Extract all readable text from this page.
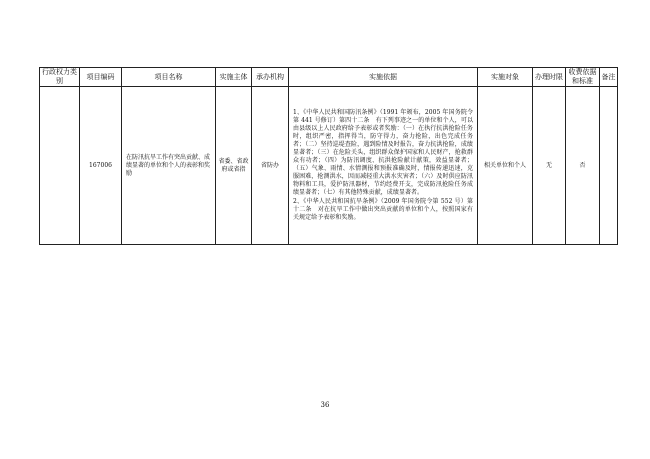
行政权力类别	项目编码	项目名称	实施主体	承办机构	实施依据	实施对象	办理时限	收费依据和标准	备注
	167006	在防汛抗旱工作有突出贡献、成绩显著的单位和个人的表彰和奖励	省委、省政府或省指	省防办	1、《中华人民共和国防汛条例》（1991 年颁布，2005 年国务院令第 441 号修订）第四十二条　有下列事迹之一的单位和个人，可以由县级以上人民政府给予表彰或者奖励：（一）在执行抗洪抢险任务时，组织严密，指挥得当，防守得力，奋力抢险，出色完成任务者；（二）坚持巡堤查险，遇到险情及时报告，奋力抗洪抢险，成绩显著者；（三）在危险关头，组织群众保护国家和人民财产，抢救群众有功者；（四）为防汛调度、抗洪抢险献计献策，效益显著者；（五）气象、雨情、水情测报和预报准确及时，情报传递迅速，克服困难，抢测洪水，因而减轻重大洪水灾害者；（六）及时供应防汛物料和工具，爱护防汛器材，节约经费开支，完成防汛抢险任务成绩显著者；（七）有其他特殊贡献，成绩显著者。

2、《中华人民共和国抗旱条例》（2009 年国务院令第 552 号）第十二条　对在抗旱工作中做出突出贡献的单位和个人，按照国家有关规定给予表彰和奖励。	相关单位和个人	无	否	
36
